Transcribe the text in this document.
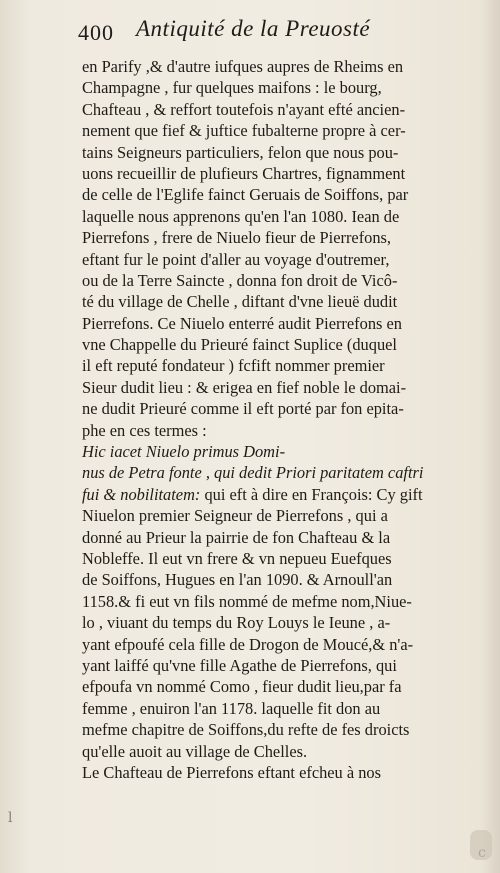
400 Antiquité de la Preuosté
en Parify ,& d'autre iufques aupres de Rheims en
Champagne , fur quelques maifons : le bourg,
Chafteau , & reffort toutefois n'ayant efté ancien-
nement que fief & juftice fubalterne propre à cer-
tains Seigneurs particuliers, felon que nous pou-
uons recueillir de plufieurs Chartres, fignamment
de celle de l'Eglife fainct Geruais de Soiffons, par
laquelle nous apprenons qu'en l'an 1080. Iean de
Pierrefons , frere de Niuelo fieur de Pierrefons,
eftant fur le point d'aller au voyage d'outremer,
ou de la Terre Saincte , donna fon droit de Vicô-
té du village de Chelle , diftant d'vne lieuë dudit
Pierrefons. Ce Niuelo enterré audit Pierrefons en
vne Chappelle du Prieuré fainct Suplice (duquel
il eft reputé fondateur ) fcfift nommer premier
Sieur dudit lieu : & erigea en fief noble le domai-
ne dudit Prieuré comme il eft porté par fon epita-
phe en ces termes :
Hic iacet Niuelo primus Domi-
nus de Petra fonte , qui dedit Priori paritatem caftri
fui & nobilitatem: qui eft à dire en François: Cy gift
Niuelon premier Seigneur de Pierrefons , qui a
donné au Prieur la pairrie de fon Chafteau & la
Nobleffe. Il eut vn frere & vn nepueu Euefques
de Soiffons, Hugues en l'an 1090. & Arnoull'an
1158.& fi eut vn fils nommé de mefme nom,Niue-
lo , viuant du temps du Roy Louys le Ieune , a-
yant efpoufé cela fille de Drogon de Moucé,& n'a-
yant laiffé qu'vne fille Agathe de Pierrefons, qui
efpoufa vn nommé Como , fieur dudit lieu,par fa
femme , enuiron l'an 1178. laquelle fit don au
mefme chapitre de Soiffons,du refte de fes droicts
qu'elle auoit au village de Chelles.
Le Chafteau de Pierrefons eftant efcheu à nos
l
